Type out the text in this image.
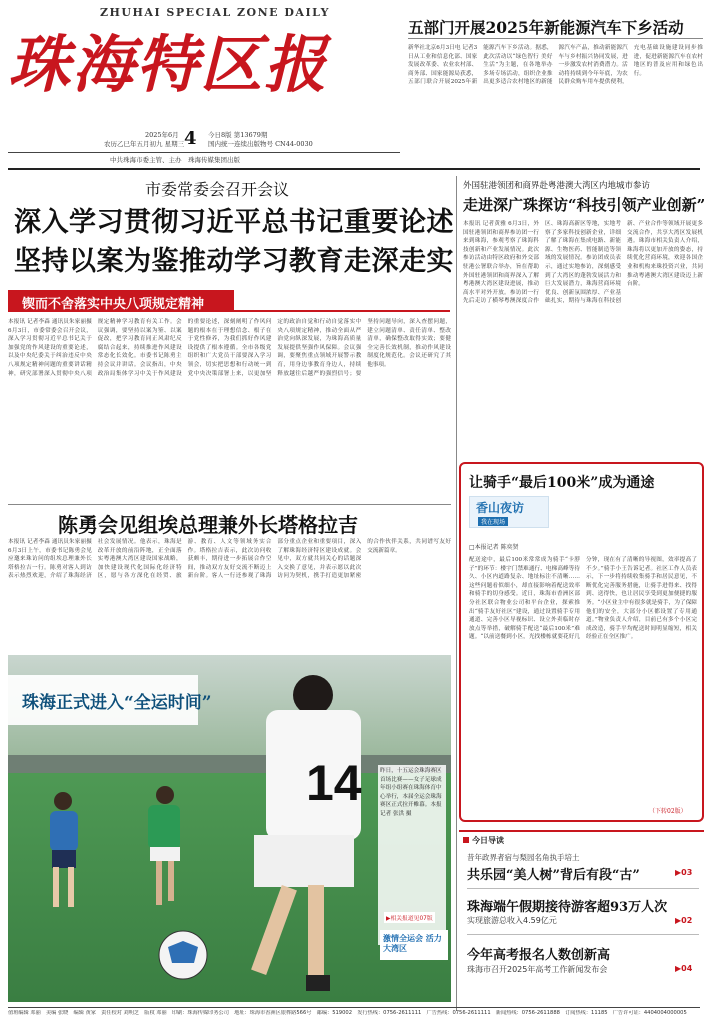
ZHUHAI SPECIAL ZONE DAILY
珠海特区报
2025年6月 4 今日8版 第13679期
农历乙巳年五月初九 星期三	国内统一连续出版物号 CN44-0030
中共珠海市委主管、主办　珠海传媒集团出版
五部门开展2025年新能源汽车下乡活动
新华社北京6月3日电 记者3日从工业和信息化部、国家发展改革委、农业农村部、商务部、国家能源局获悉，五部门联合开展2025年新能源汽车下乡活动。据悉，此次活动以“绿色智行 美好生活”为主题，在各地举办多场专场活动，组织企业推出更多适合农村地区的新能源汽车产品，推动新能源汽车与乡村振兴协同发展，进一步激发农村消费潜力。活动将持续到今年年底，为农民群众购车用车提供便利，充电基础设施建设同步推进，促进新能源汽车在农村地区的普及应用和绿色出行。
市委常委会召开会议
深入学习贯彻习近平总书记重要论述
坚持以案为鉴推动学习教育走深走实
锲而不舍落实中央八项规定精神
本报讯 记者李森 通讯员朱家丽摄 6月3日，市委常委会召开会议，深入学习贯彻习近平总书记关于加强党的作风建设的重要论述，以及中央纪委关于纠治违反中央八项规定精神问题的重要讲话精神，研究部署深入贯彻中央八项规定精神学习教育有关工作。会议强调，要坚持以案为鉴、以案促改，把学习教育同正风肃纪反腐结合起来，持续推进作风建设常态化长效化。市委书记陈勇主持会议并讲话。会议指出，中央政治局集体学习中关于作风建设的重要论述，深刻阐明了作风问题的根本在于理想信念、根子在于党性修养，为我们抓好作风建设提供了根本遵循。全市各级党组织和广大党员干部要深入学习领会，切实把思想和行动统一到党中央决策部署上来，以更加坚定的政治自觉和行动自觉落实中央八项规定精神，推动全面从严治党向纵深发展，为珠海高质量发展提供坚强作风保障。会议强调，要聚焦重点领域开展警示教育，用身边事教育身边人，持续释放越往后越严的强烈信号；要坚持问题导向，深入查摆问题，建立问题清单、责任清单、整改清单，确保整改取得实效；要健全完善长效机制，推动作风建设制度化规范化。会议还研究了其他事项。
陈勇会见组埃总理兼外长塔格拉吉
本报讯 记者李森 通讯员朱家丽摄 6月3日上午，市委书记陈勇会见应邀来珠访问的组埃总理兼外长塔格拉吉一行。陈勇对客人到访表示热烈欢迎，介绍了珠海经济社会发展情况。他表示，珠海是改革开放的前沿阵地，正全面落实粤港澳大湾区建设国家战略，加快建设现代化国际化经济特区，愿与各方深化在经贸、旅游、教育、人文等领域务实合作。塔格拉吉表示，此次访问收获颇丰，期待进一步拓展合作空间，推动双方友好交流不断迈上新台阶。客人一行还参观了珠海部分重点企业和重要项目，深入了解珠海经济特区建设成就。会见中，双方就共同关心的话题深入交换了意见，并表示愿以此次访问为契机，携手打造更加紧密的合作伙伴关系，共同谱写友好交流新篇章。
14
珠海正式进入“全运时间”
昨日，十五运会珠海赛区首场比赛——女子足球成年组小组赛在珠海体育中心举行，本届全运会珠海赛区正式拉开帷幕。本报记者 张洪 摄
▶相关报道见07版
激情全运会 活力大湾区
外国驻港领团和商界赴粤港澳大湾区内地城市参访
走进深广珠探访“科技引领产业创新”
本报讯 记者黄雅 6月3日，外国驻港领团和商界参访团一行来到珠海，参观考察了珠海科技创新和产业发展情况。此次参访活动由特区政府和外交部驻港公署联合举办，旨在帮助外国驻港领团和商界深入了解粤港澳大湾区建设进展，推动高水平对外开放。参访团一行先后走访了横琴粤澳深度合作区、珠海高新区等地，实地考察了多家科技创新企业，详细了解了珠海在集成电路、新能源、生物医药、智能制造等领域的发展情况。参访团成员表示，通过实地参访，深刻感受到了大湾区的蓬勃发展活力和巨大发展潜力，珠海营商环境优良、创新氛围浓厚、产业基础扎实，期待与珠海在科技创新、产业合作等领域开展更多交流合作，共享大湾区发展机遇。珠海市相关负责人介绍，珠海将以更加开放的姿态，持续优化营商环境，欢迎各国企业和机构来珠投资兴业，共同推动粤港澳大湾区建设迈上新台阶。
让骑手“最后100米”成为通途
香山夜访
我在现场
□本报记者 陈奕贤
配送途中，最后100米常常成为骑手“卡脖子”的环节：楼宇门禁难通行、电梯高峰等待久、小区内道路复杂、地址标注不清晰……这些问题看似细小，却直接影响着配送效率和骑手的切身感受。近日，珠海市香洲区部分社区联合物业公司和平台企业，探索推出“骑手友好社区”建设，通过设置骑手专用通道、完善小区导视标识、设立外卖临时存放点等举措，破解骑手配送“最后100米”难题。“以前送餐到小区，光找楼栋就要花好几分钟，现在有了清晰的导视图，效率提高了不少。”骑手小王告诉记者。社区工作人员表示，下一步将持续收集骑手和居民意见，不断优化完善服务措施，让骑手进得来、找得到、送得快，也让居民享受到更加便捷的服务。“小区业主中有很多就是骑手，为了保障他们的安全，大部分小区都设置了专用通道。”物业负责人介绍，目前已有多个小区完成改造，骑手平均配送时间明显缩短，相关经验正在全区推广。
（下转02版）
今日导读
昔年政界者宿与梨园名角执手培土
共乐园“美人树”背后有段“古”	▶03
珠海端午假期接待游客超93万人次
实现旅游总收入4.59亿元	▶02
今年高考报名人数创新高
珠海市召开2025年高考工作新闻发布会	▶04
值班编辑 邓丽　美编 张晓　编辑 黄家　责任校对 刘明芝　版权 邓丽　印刷：珠海传媒印务公司　地址：珠海市香洲区银桦路566号　邮编：519002　发行热线：0756-2611111　广告热线：0756-2611111　新闻热线：0756-2611888　订阅热线：11185　广告许可证：4404004000005
